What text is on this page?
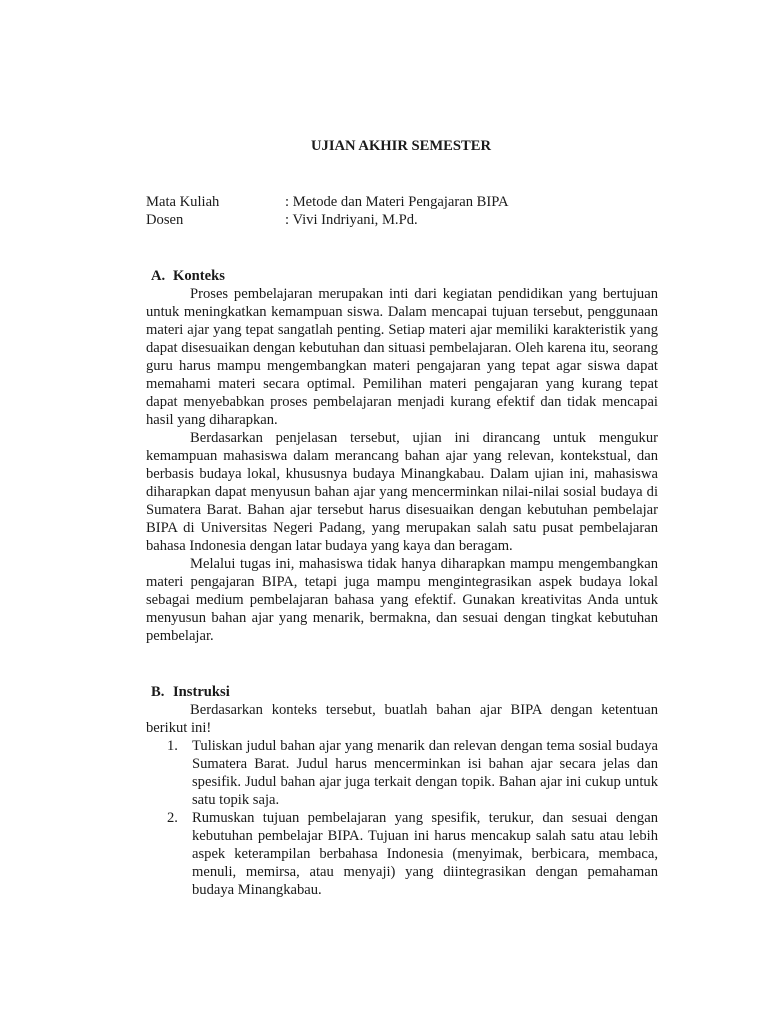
UJIAN AKHIR SEMESTER
Mata Kuliah	: Metode dan Materi Pengajaran BIPA
Dosen	: Vivi Indriyani, M.Pd.
A. Konteks

Proses pembelajaran merupakan inti dari kegiatan pendidikan yang bertujuan untuk meningkatkan kemampuan siswa. Dalam mencapai tujuan tersebut, penggunaan materi ajar yang tepat sangatlah penting. Setiap materi ajar memiliki karakteristik yang dapat disesuaikan dengan kebutuhan dan situasi pembelajaran. Oleh karena itu, seorang guru harus mampu mengembangkan materi pengajaran yang tepat agar siswa dapat memahami materi secara optimal. Pemilihan materi pengajaran yang kurang tepat dapat menyebabkan proses pembelajaran menjadi kurang efektif dan tidak mencapai hasil yang diharapkan.

Berdasarkan penjelasan tersebut, ujian ini dirancang untuk mengukur kemampuan mahasiswa dalam merancang bahan ajar yang relevan, kontekstual, dan berbasis budaya lokal, khususnya budaya Minangkabau. Dalam ujian ini, mahasiswa diharapkan dapat menyusun bahan ajar yang mencerminkan nilai-nilai sosial budaya di Sumatera Barat. Bahan ajar tersebut harus disesuaikan dengan kebutuhan pembelajar BIPA di Universitas Negeri Padang, yang merupakan salah satu pusat pembelajaran bahasa Indonesia dengan latar budaya yang kaya dan beragam.

Melalui tugas ini, mahasiswa tidak hanya diharapkan mampu mengembangkan materi pengajaran BIPA, tetapi juga mampu mengintegrasikan aspek budaya lokal sebagai medium pembelajaran bahasa yang efektif. Gunakan kreativitas Anda untuk menyusun bahan ajar yang menarik, bermakna, dan sesuai dengan tingkat kebutuhan pembelajar.

B. Instruksi

Berdasarkan konteks tersebut, buatlah bahan ajar BIPA dengan ketentuan berikut ini!

1. Tuliskan judul bahan ajar yang menarik dan relevan dengan tema sosial budaya Sumatera Barat. Judul harus mencerminkan isi bahan ajar secara jelas dan spesifik. Judul bahan ajar juga terkait dengan topik. Bahan ajar ini cukup untuk satu topik saja.
2. Rumuskan tujuan pembelajaran yang spesifik, terukur, dan sesuai dengan kebutuhan pembelajar BIPA. Tujuan ini harus mencakup salah satu atau lebih aspek keterampilan berbahasa Indonesia (menyimak, berbicara, membaca, menuli, memirsa, atau menyaji) yang diintegrasikan dengan pemahaman budaya Minangkabau.
